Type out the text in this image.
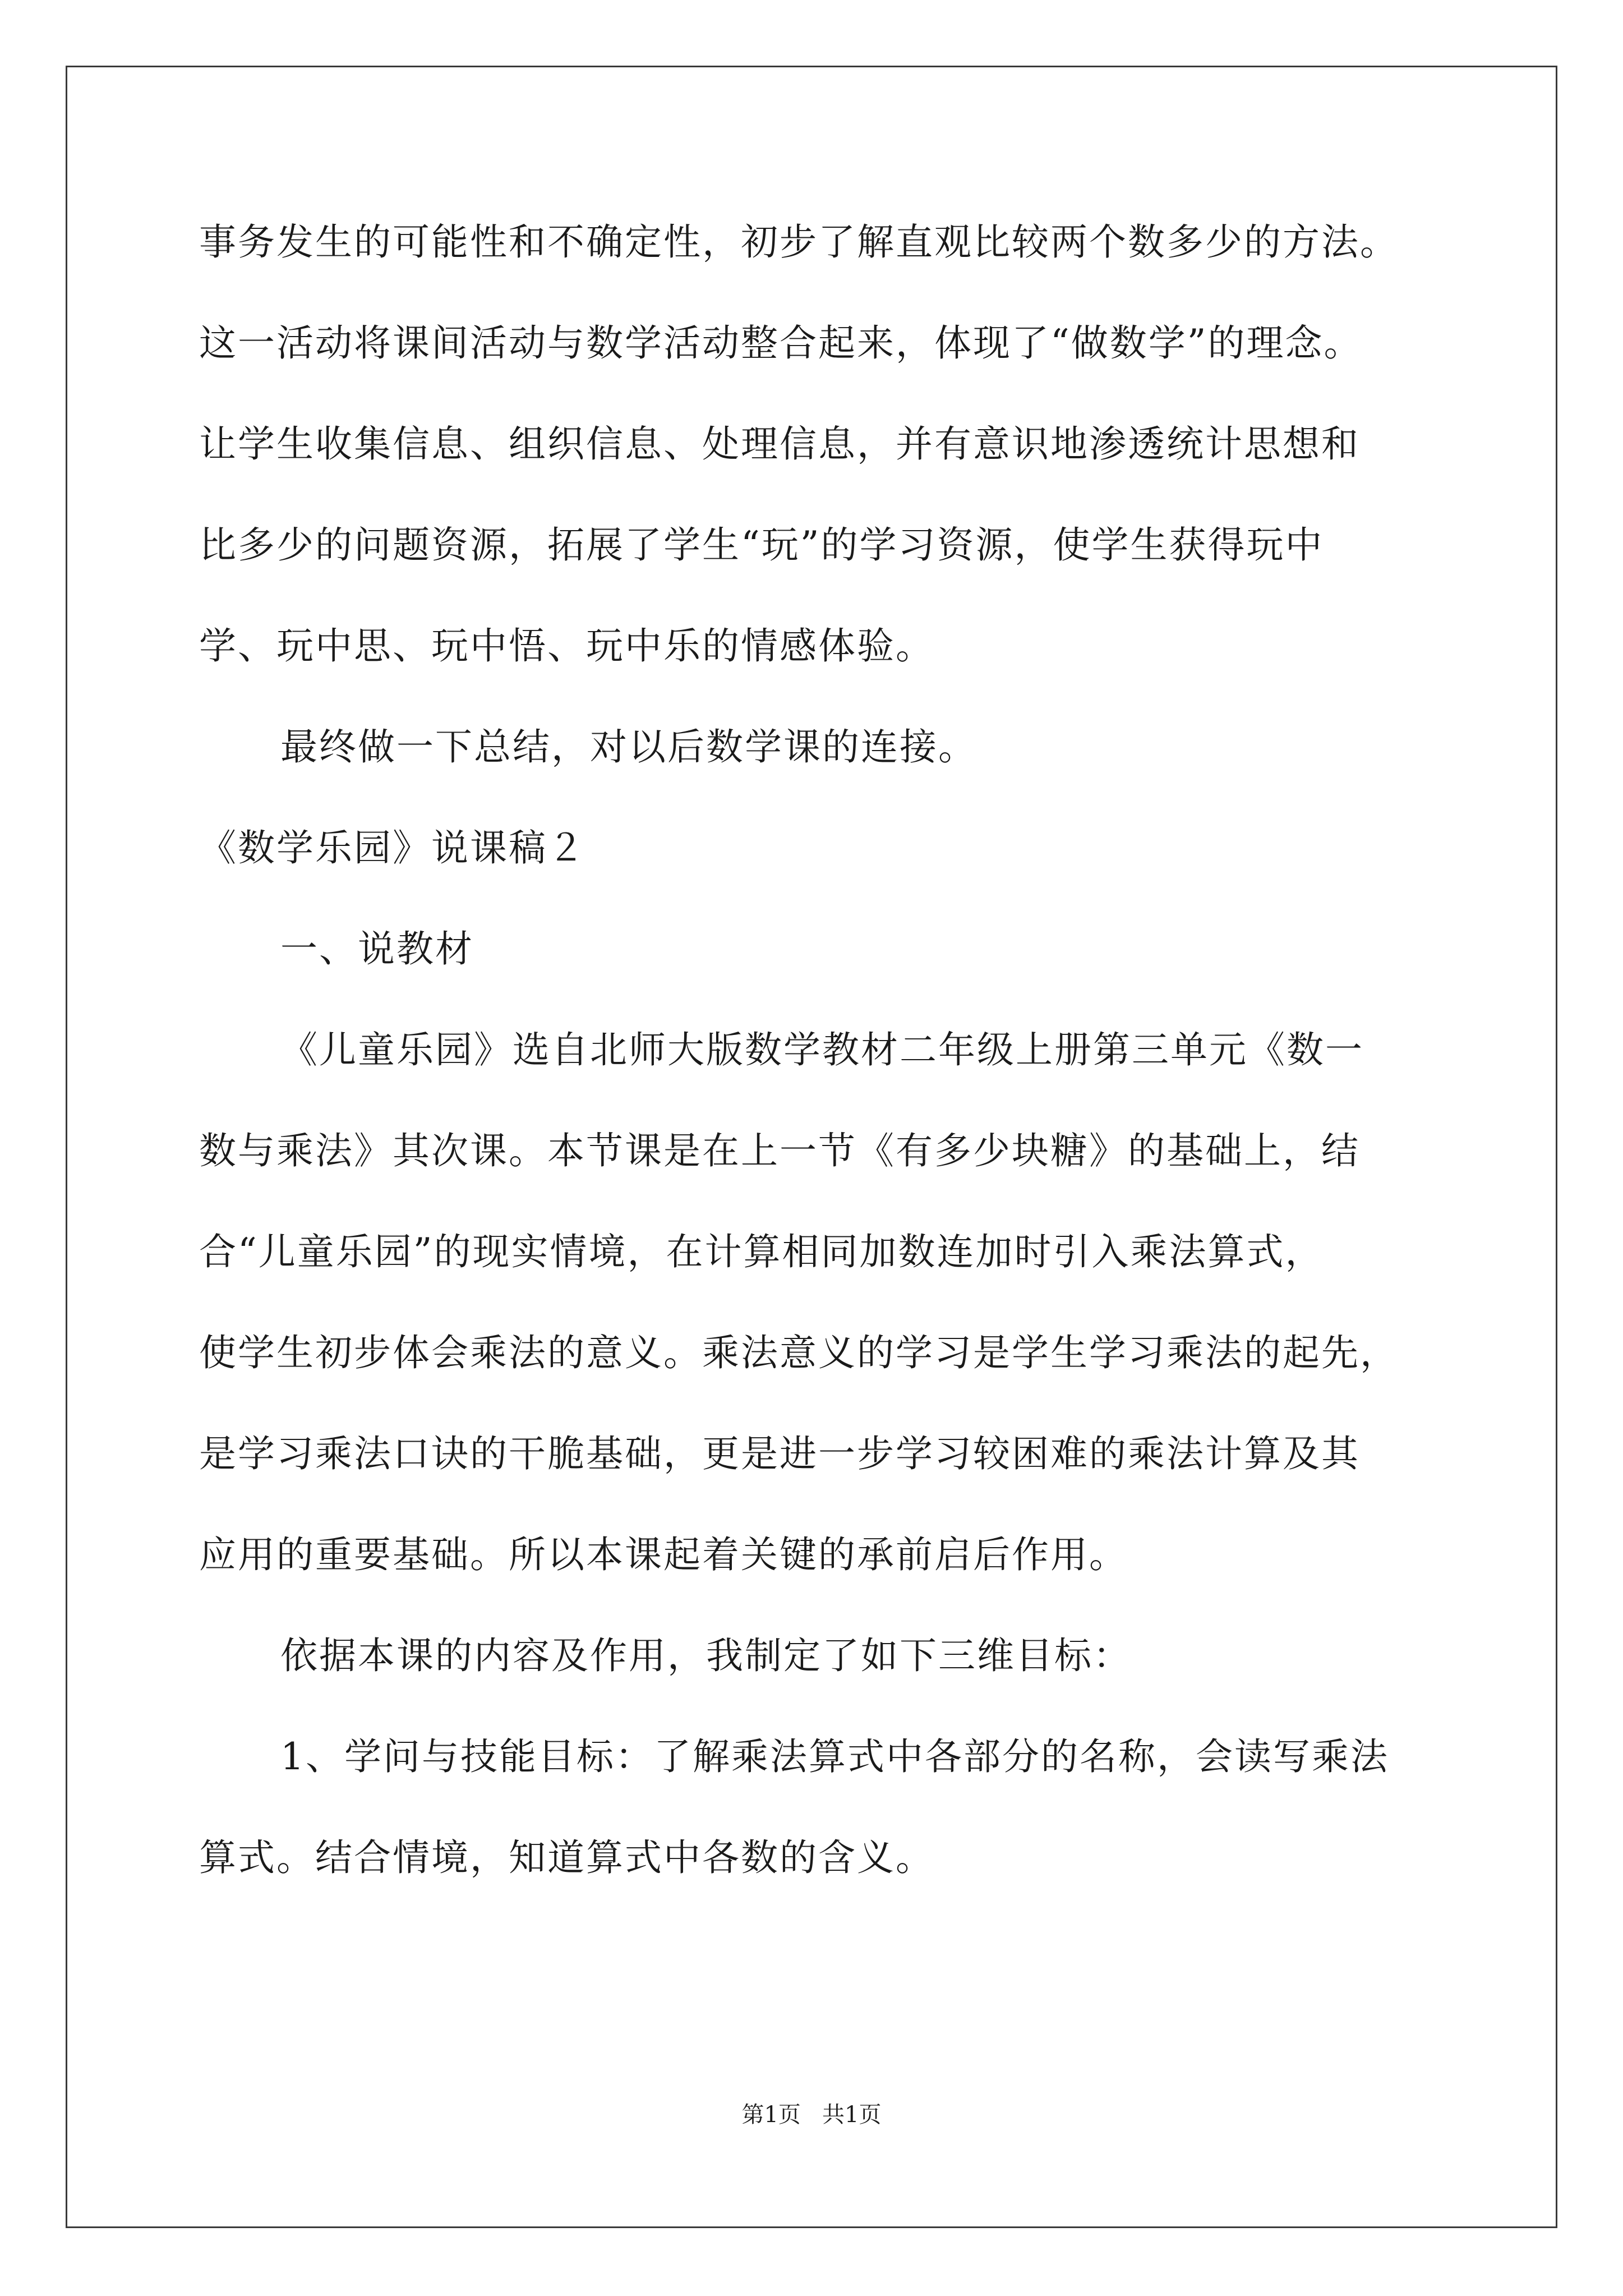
事务发生的可能性和不确定性，初步了解直观比较两个数多少的方法。
这一活动将课间活动与数学活动整合起来，体现了“做数学”的理念。
让学生收集信息、组织信息、处理信息，并有意识地渗透统计思想和
比多少的问题资源，拓展了学生“玩”的学习资源，使学生获得玩中
学、玩中思、玩中悟、玩中乐的情感体验。
最终做一下总结，对以后数学课的连接。
《数学乐园》说课稿２
一、说教材
《儿童乐园》选自北师大版数学教材二年级上册第三单元《数一
数与乘法》其次课。本节课是在上一节《有多少块糖》的基础上，结
合“儿童乐园”的现实情境，在计算相同加数连加时引入乘法算式，
使学生初步体会乘法的意义。乘法意义的学习是学生学习乘法的起先，
是学习乘法口诀的干脆基础，更是进一步学习较困难的乘法计算及其
应用的重要基础。所以本课起着关键的承前启后作用。
依据本课的内容及作用，我制定了如下三维目标：
1、学问与技能目标：了解乘法算式中各部分的名称，会读写乘法
算式。结合情境，知道算式中各数的含义。
第1页   共1页
